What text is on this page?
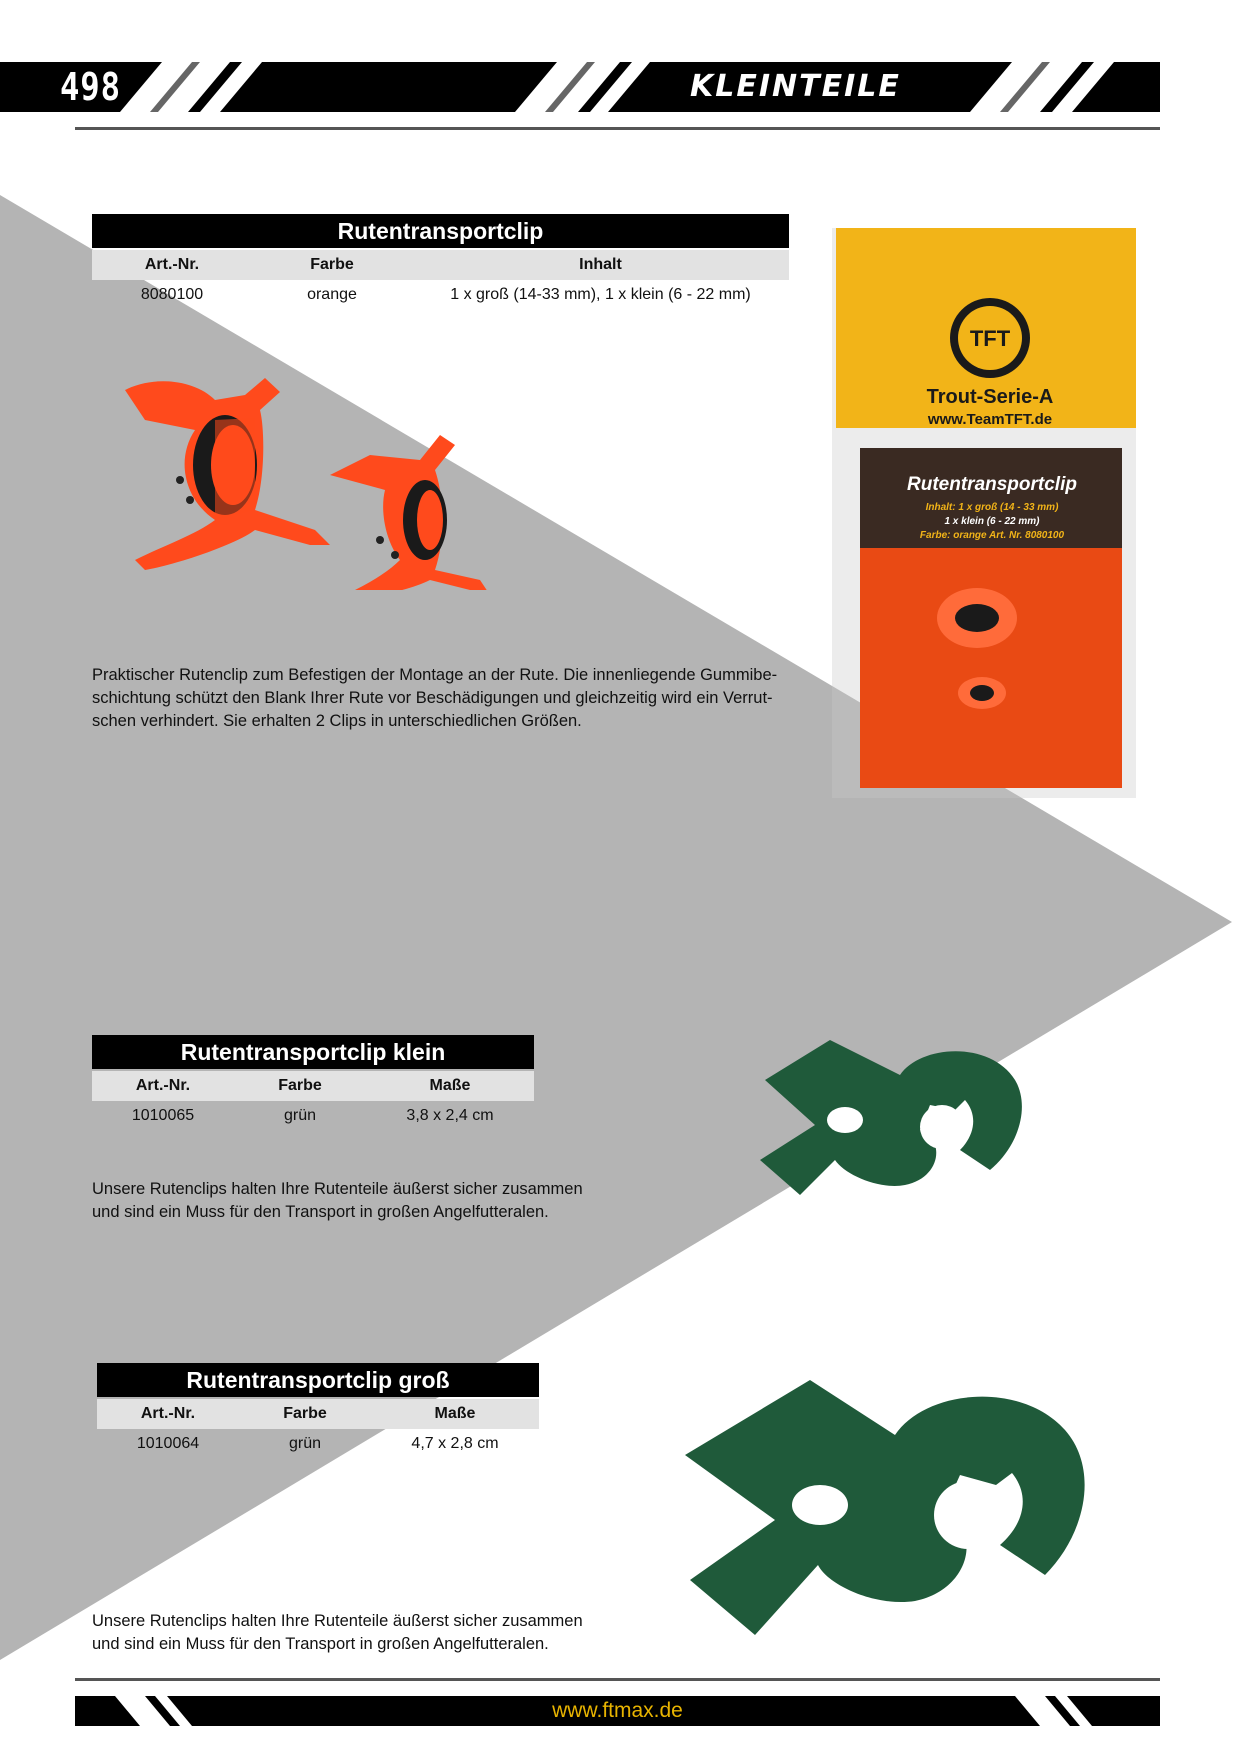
498	KLEINTEILE
Rutentransportclip
Art.-Nr.	Farbe	Inhalt
8080100	orange	1 x groß (14-33 mm), 1 x klein (6 - 22 mm)
TFT
Trout-Serie-A
www.TeamTFT.de
Rutentransportclip
Inhalt: 1 x groß (14 - 33 mm)
1 x klein (6 - 22 mm)
Farbe: orange Art. Nr. 8080100
Praktischer Rutenclip zum Befestigen der Montage an der Rute. Die innenliegende Gummibe-
schichtung schützt den Blank Ihrer Rute vor Beschädigungen und gleichzeitig wird ein Verrut-
schen verhindert. Sie erhalten 2 Clips in unterschiedlichen Größen.
Rutentransportclip klein
Art.-Nr.	Farbe	Maße
1010065	grün	3,8 x 2,4 cm
Unsere Rutenclips halten Ihre Rutenteile äußerst sicher zusammen
und sind ein Muss für den Transport in großen Angelfutteralen.
Rutentransportclip groß
Art.-Nr.	Farbe	Maße
1010064	grün	4,7 x 2,8 cm
Unsere Rutenclips halten Ihre Rutenteile äußerst sicher zusammen
und sind ein Muss für den Transport in großen Angelfutteralen.
www.ftmax.de
